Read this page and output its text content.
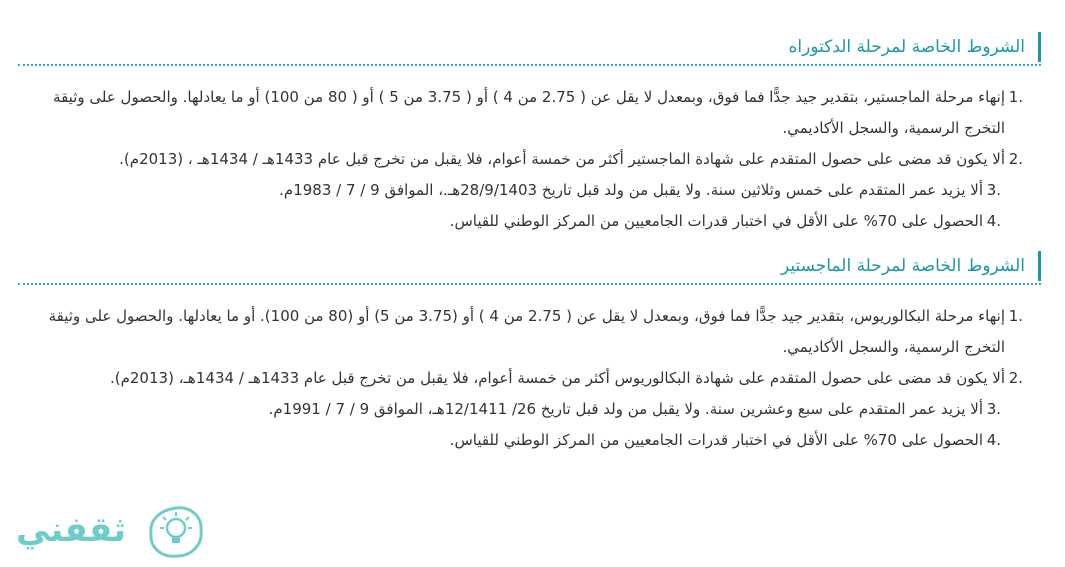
الشروط الخاصة لمرحلة الدكتوراه
1.
إنهاء مرحلة الماجستير، بتقدير جيد جدًّا فما فوق، وبمعدل لا يقل عن ( 2.75 من 4 ) أو ( 3.75 من 5 ) أو ( 80 من 100) أو ما يعادلها. والحصول على وثيقة التخرج الرسمية، والسجل الأكاديمي.
2.
ألا يكون قد مضى على حصول المتقدم على شهادة الماجستير أكثر من خمسة أعوام، فلا يقبل من تخرج قبل عام 1433هـ / 1434هـ ، (2013م).
3.
ألا يزيد عمر المتقدم على خمس وثلاثين سنة. ولا يقبل من ولد قبل تاريخ 28/9/1403هـ.، الموافق 9 / 7 / 1983م.
4.
الحصول على 70% على الأقل في اختبار قدرات الجامعيين من المركز الوطني للقياس.
الشروط الخاصة لمرحلة الماجستير
1.
إنهاء مرحلة البكالوريوس، بتقدير جيد جدًّا فما فوق، وبمعدل لا يقل عن ( 2.75 من 4 ) أو (3.75 من 5) أو (80 من 100). أو ما يعادلها. والحصول على وثيقة التخرج الرسمية، والسجل الأكاديمي.
2.
ألا يكون قد مضى على حصول المتقدم على شهادة البكالوريوس أكثر من خمسة أعوام، فلا يقبل من تخرج قبل عام 1433هـ / 1434هـ، (2013م).
3.
ألا يزيد عمر المتقدم على سبع وعشرين سنة. ولا يقبل من ولد قبل تاريخ 26/ 12/1411هـ، الموافق 9 / 7 / 1991م.
4.
الحصول على 70% على الأقل في اختبار قدرات الجامعيين من المركز الوطني للقياس.
ثقفني
